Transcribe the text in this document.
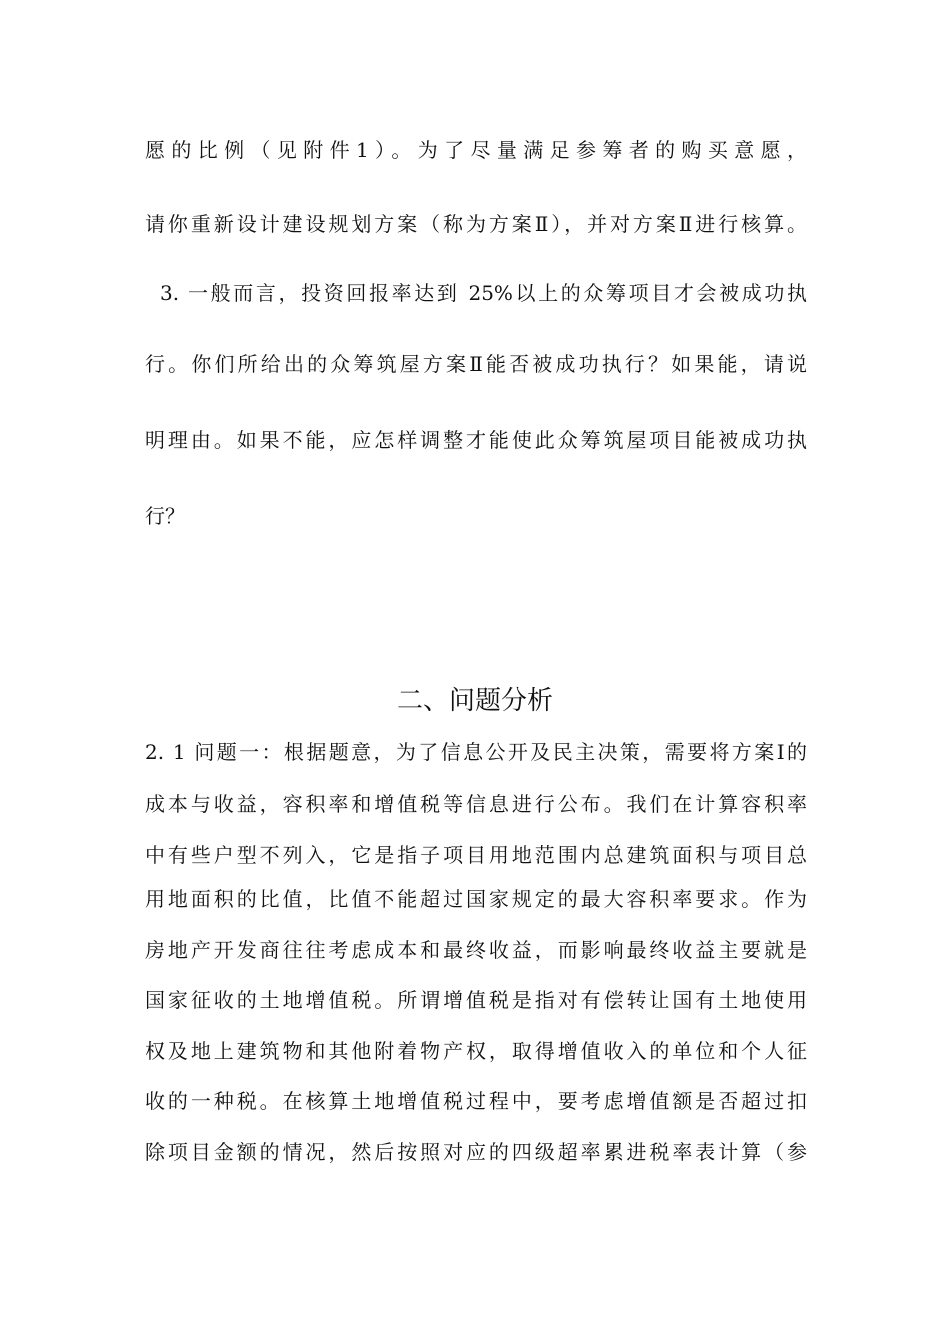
愿的比例（见附件1）。为了尽量满足参筹者的购买意愿，
请你重新设计建设规划方案（称为方案Ⅱ），并对方案Ⅱ进行核算。
3. 一般而言，投资回报率达到 25%以上的众筹项目才会被成功执
行。你们所给出的众筹筑屋方案Ⅱ能否被成功执行？如果能，请说
明理由。如果不能，应怎样调整才能使此众筹筑屋项目能被成功执
行？
二、问题分析
2. 1 问题一：根据题意，为了信息公开及民主决策，需要将方案Ⅰ的
成本与收益，容积率和增值税等信息进行公布。我们在计算容积率
中有些户型不列入，它是指子项目用地范围内总建筑面积与项目总
用地面积的比值，比值不能超过国家规定的最大容积率要求。作为
房地产开发商往往考虑成本和最终收益，而影响最终收益主要就是
国家征收的土地增值税。所谓增值税是指对有偿转让国有土地使用
权及地上建筑物和其他附着物产权，取得增值收入的单位和个人征
收的一种税。在核算土地增值税过程中，要考虑增值额是否超过扣
除项目金额的情况，然后按照对应的四级超率累进税率表计算（参
